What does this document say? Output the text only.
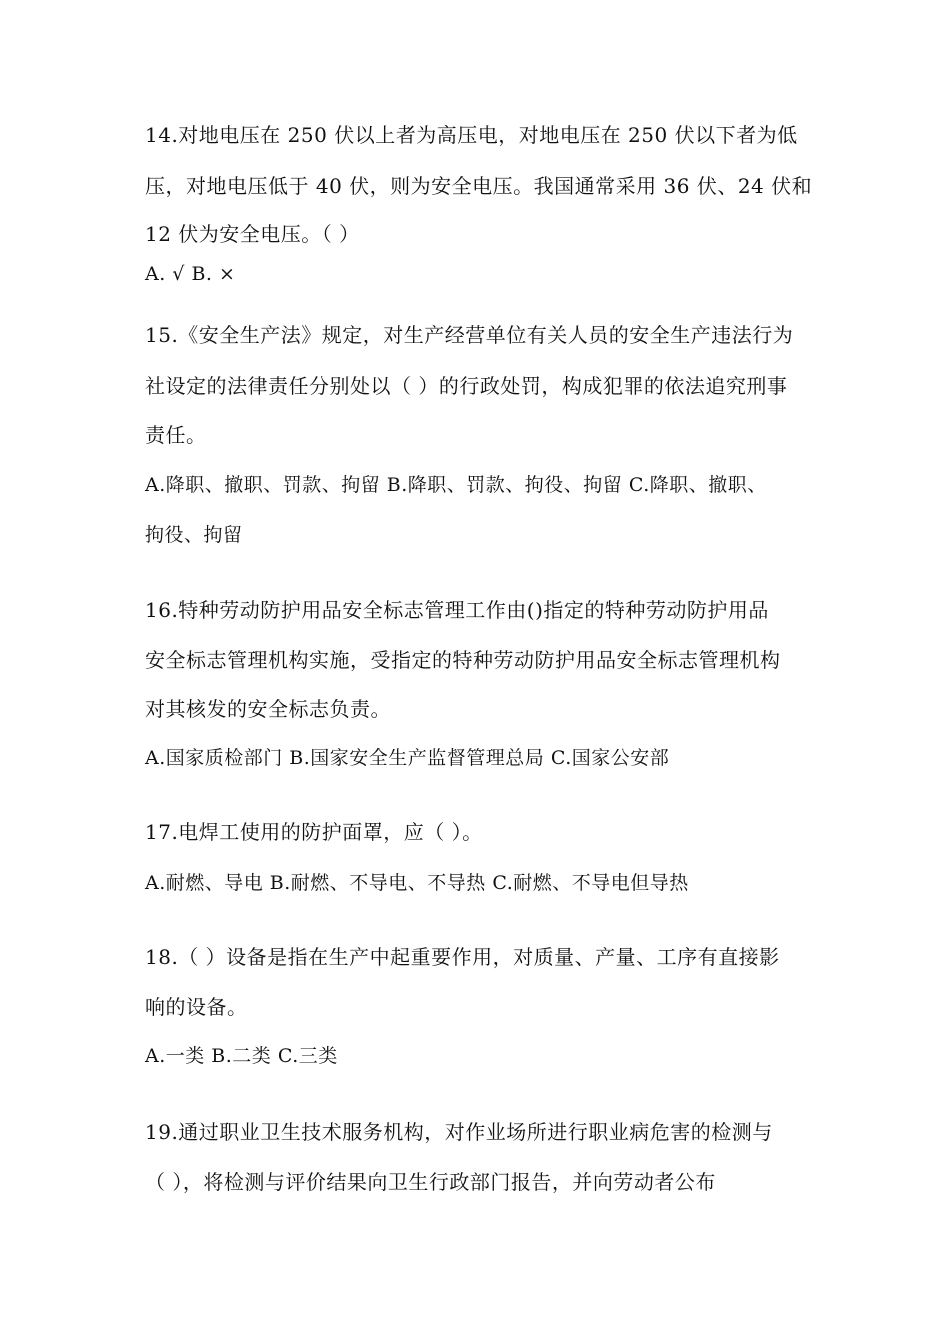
14.对地电压在 250 伏以上者为高压电，对地电压在 250 伏以下者为低
压，对地电压低于 40 伏，则为安全电压。我国通常采用 36 伏、24 伏和
12 伏为安全电压。（ ）
A. √ B. ×
15.《安全生产法》规定，对生产经营单位有关人员的安全生产违法行为
社设定的法律责任分别处以（ ）的行政处罚，构成犯罪的依法追究刑事
责任。
A.降职、撤职、罚款、拘留 B.降职、罚款、拘役、拘留 C.降职、撤职、
拘役、拘留
16.特种劳动防护用品安全标志管理工作由()指定的特种劳动防护用品
安全标志管理机构实施，受指定的特种劳动防护用品安全标志管理机构
对其核发的安全标志负责。
A.国家质检部门 B.国家安全生产监督管理总局 C.国家公安部
17.电焊工使用的防护面罩，应（ ）。
A.耐燃、导电 B.耐燃、不导电、不导热 C.耐燃、不导电但导热
18.（ ）设备是指在生产中起重要作用，对质量、产量、工序有直接影
响的设备。
A.一类 B.二类 C.三类
19.通过职业卫生技术服务机构，对作业场所进行职业病危害的检测与
（ ），将检测与评价结果向卫生行政部门报告，并向劳动者公布
